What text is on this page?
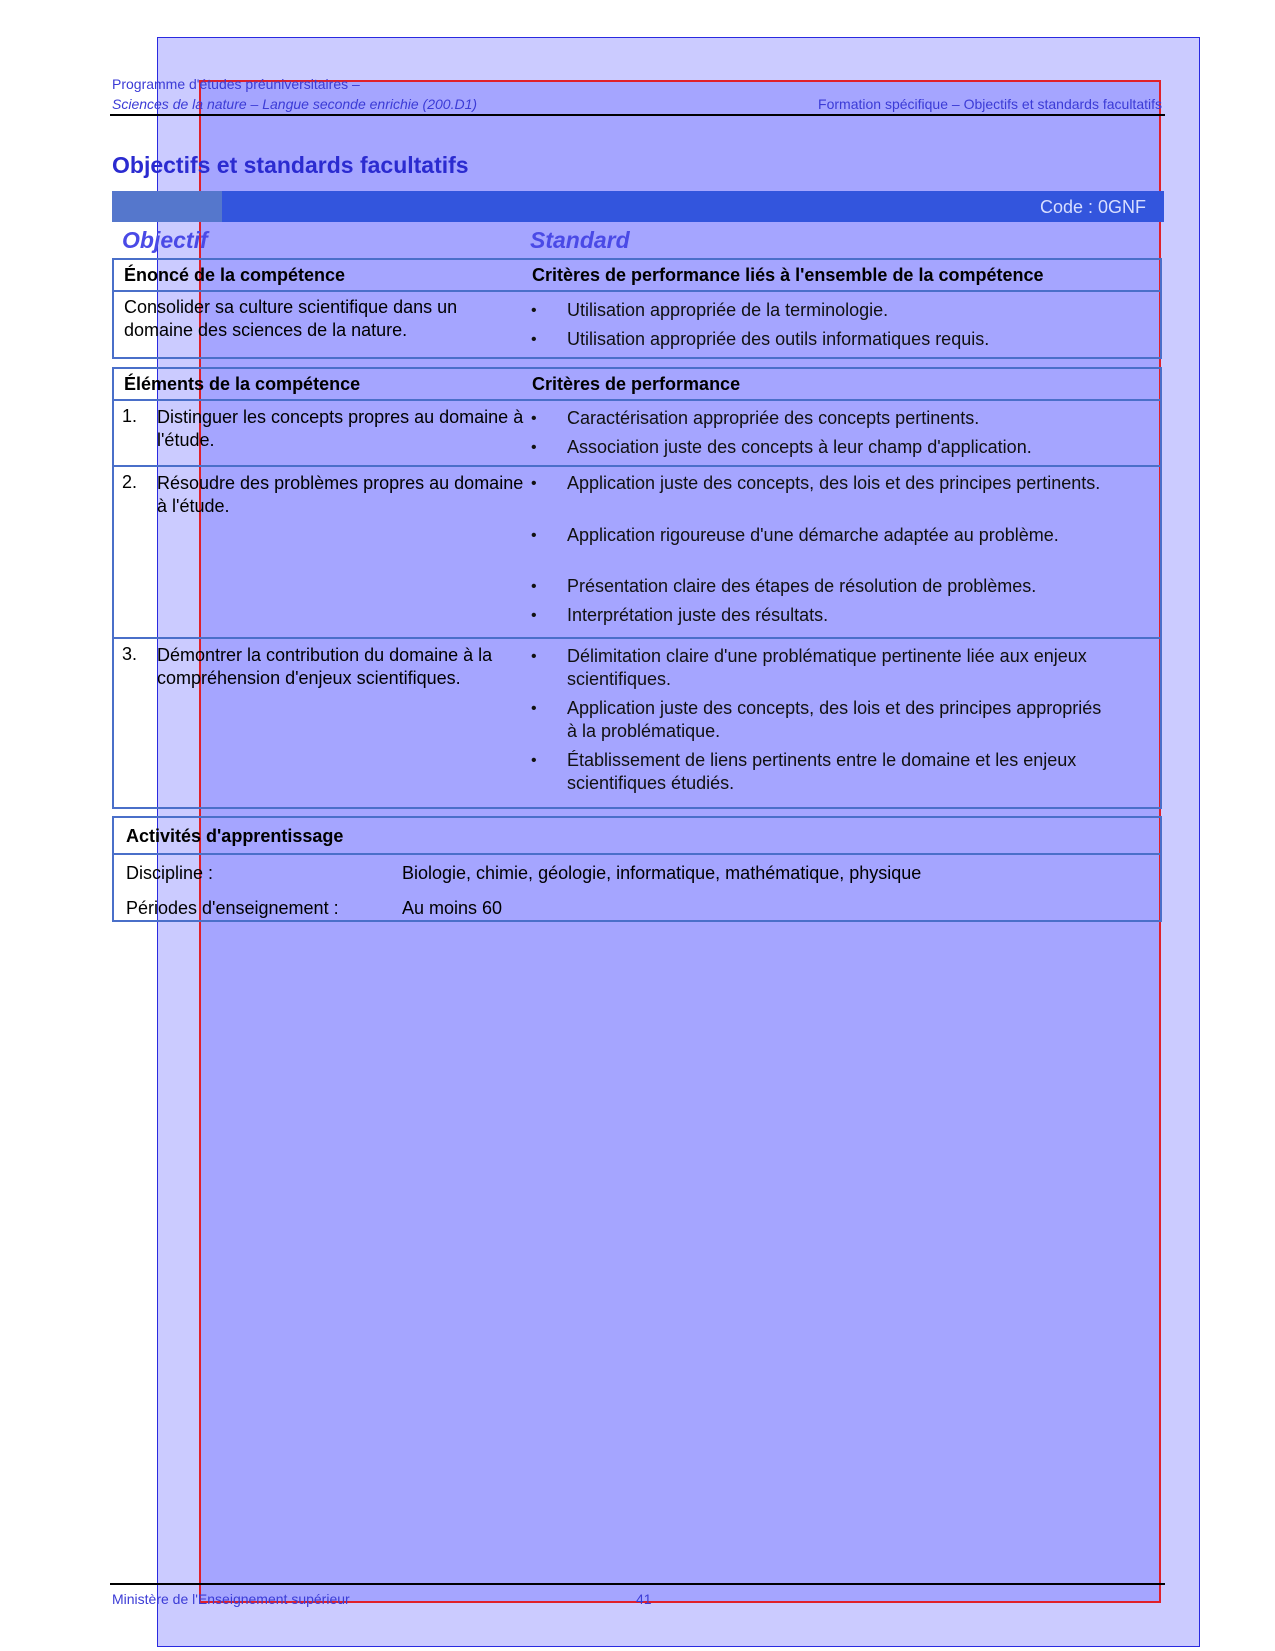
Programme d'études préuniversitaires –
Sciences de la nature – Langue seconde enrichie (200.D1)	Formation spécifique – Objectifs et standards facultatifs
Objectifs et standards facultatifs
Code : 0GNF
Objectif	Standard
Énoncé de la compétence	Critères de performance liés à l'ensemble de la compétence
Consolider sa culture scientifique dans un
domaine des sciences de la nature.
• Utilisation appropriée de la terminologie.
• Utilisation appropriée des outils informatiques requis.
Éléments de la compétence	Critères de performance
1. Distinguer les concepts propres au domaine à l'étude.
• Caractérisation appropriée des concepts pertinents.
• Association juste des concepts à leur champ d'application.
2. Résoudre des problèmes propres au domaine à l'étude.
• Application juste des concepts, des lois et des principes pertinents.
• Application rigoureuse d'une démarche adaptée au problème.
• Présentation claire des étapes de résolution de problèmes.
• Interprétation juste des résultats.
3. Démontrer la contribution du domaine à la compréhension d'enjeux scientifiques.
• Délimitation claire d'une problématique pertinente liée aux enjeux scientifiques.
• Application juste des concepts, des lois et des principes appropriés à la problématique.
• Établissement de liens pertinents entre le domaine et les enjeux scientifiques étudiés.
Activités d'apprentissage
Discipline :	Biologie, chimie, géologie, informatique, mathématique, physique
Périodes d'enseignement :	Au moins 60
Ministère de l'Enseignement supérieur	41
